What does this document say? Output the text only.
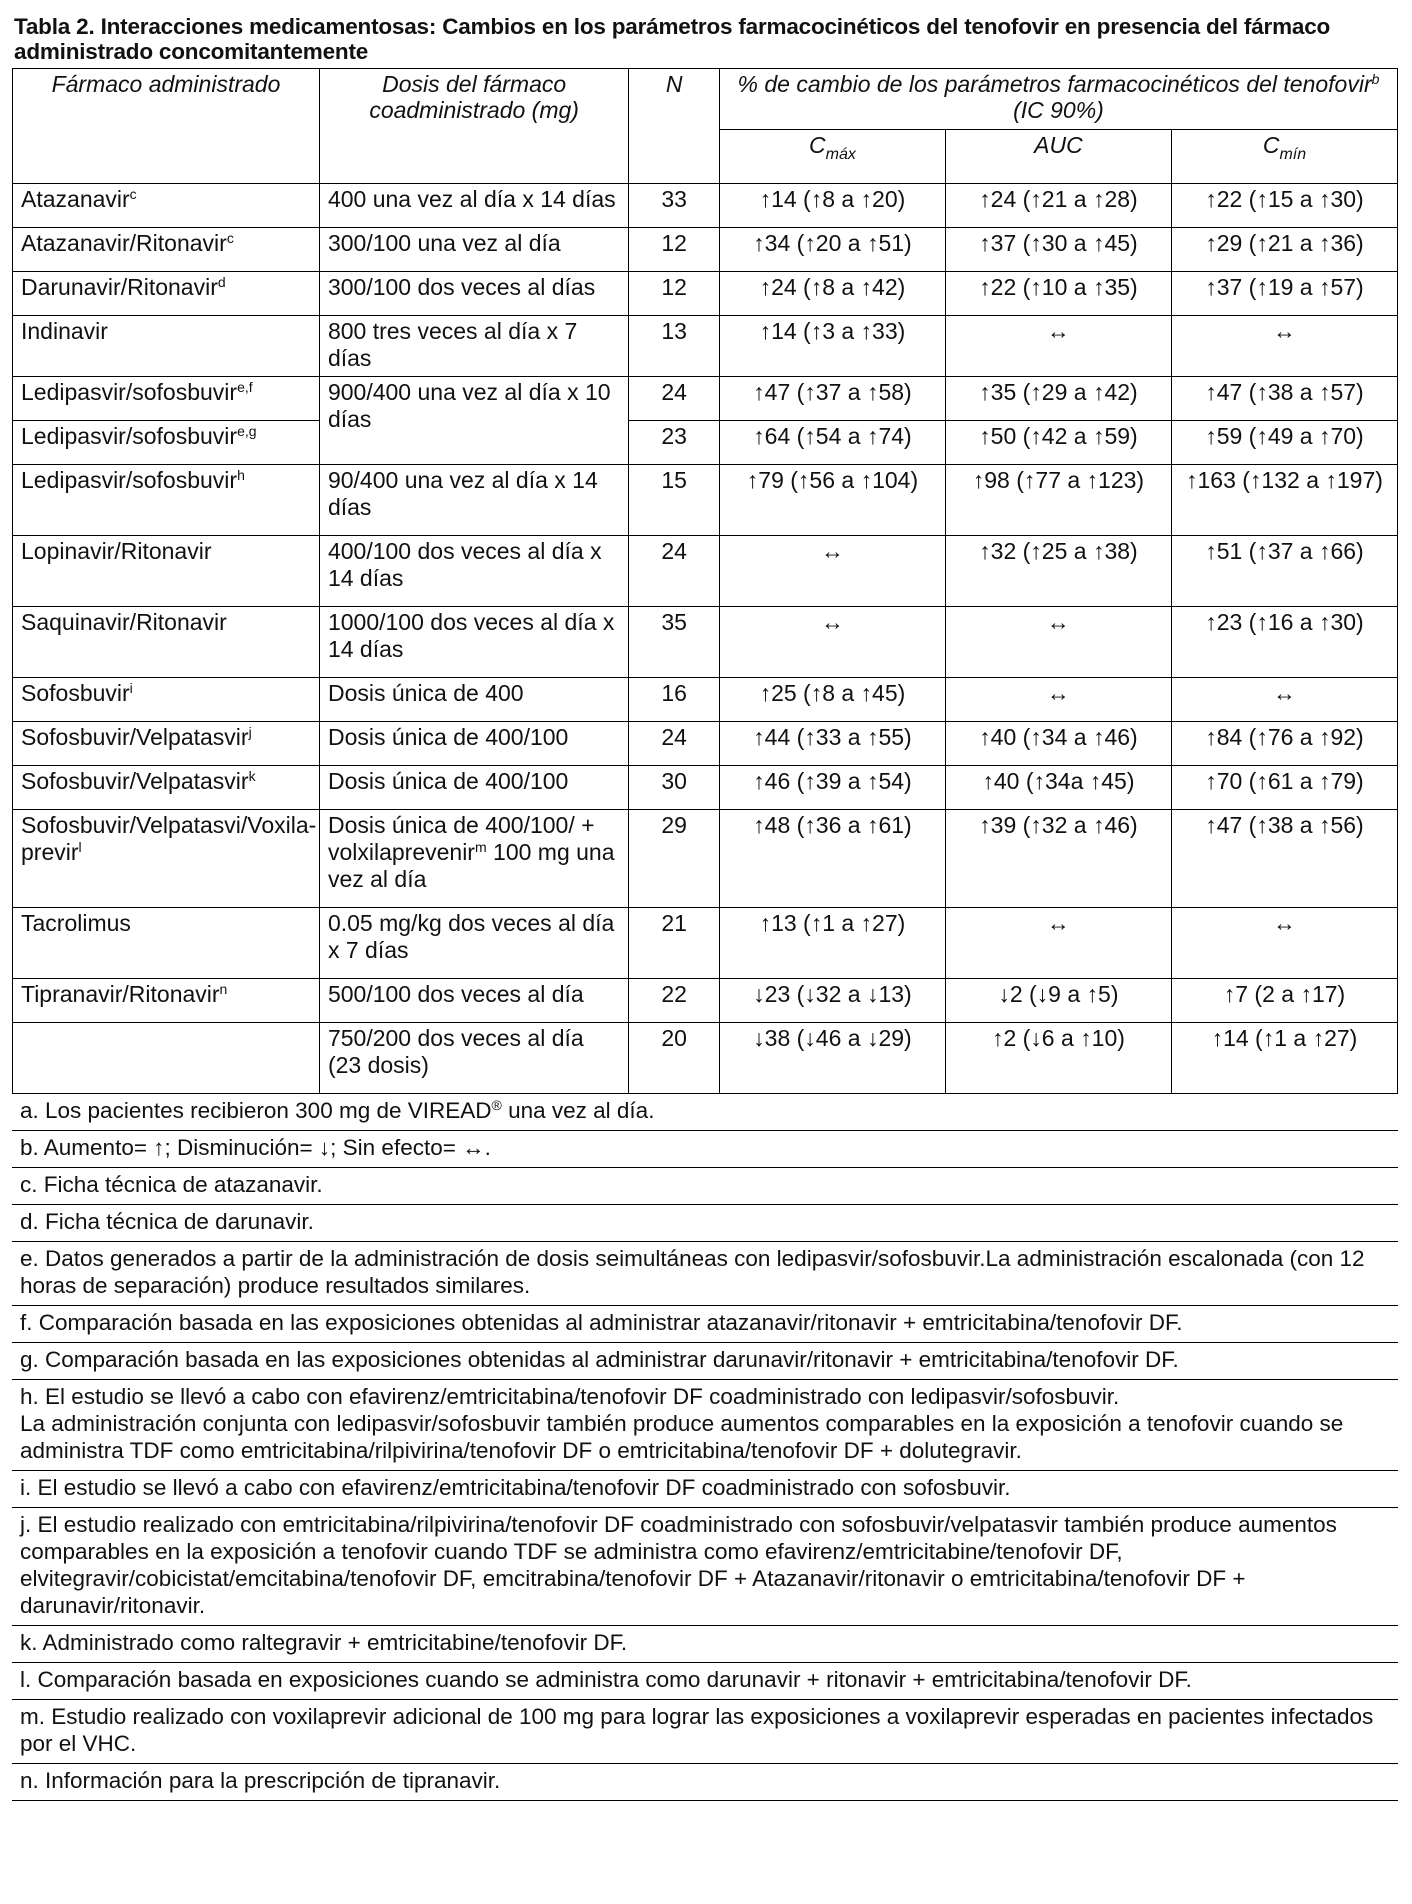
Tabla 2. Interacciones medicamentosas: Cambios en los parámetros farmacocinéticos del tenofovir en presencia del fármaco administrado concomitantemente
Fármaco administrado	Dosis del fármaco coadministrado (mg)	N	% de cambio de los parámetros farmacocinéticos del tenofovir$^b$
(IC 90%)		
			$C_{máx}$	AUC	$C_{mín}$
Atazanavir$^c$	400 una vez al día x 14 días	33	↑14 (↑8 a ↑20)	↑24 (↑21 a ↑28)	↑22 (↑15 a ↑30)
Atazanavir/Ritonavir$^c$	300/100 una vez al día	12	↑34 (↑20 a ↑51)	↑37 (↑30 a ↑45)	↑29 (↑21 a ↑36)
Darunavir/Ritonavir$^d$	300/100 dos veces al días	12	↑24 (↑8 a ↑42)	↑22 (↑10 a ↑35)	↑37 (↑19 a ↑57)
Indinavir	800 tres veces al día x 7 días	13	↑14 (↑3 a ↑33)	↔	↔
Ledipasvir/sofosbuvir$^{e,f}$	900/400 una vez al día x 10 días	24	↑47 (↑37 a ↑58)	↑35 (↑29 a ↑42)	↑47 (↑38 a ↑57)
Ledipasvir/sofosbuvir$^{e,g}$		23	↑64 (↑54 a ↑74)	↑50 (↑42 a ↑59)	↑59 (↑49 a ↑70)
Ledipasvir/sofosbuvir$^h$	90/400 una vez al día x 14 días	15	↑79 (↑56 a ↑104)	↑98 (↑77 a ↑123)	↑163 (↑132 a ↑197)
Lopinavir/Ritonavir	400/100 dos veces al día x 14 días	24	↔	↑32 (↑25 a ↑38)	↑51 (↑37 a ↑66)
Saquinavir/Ritonavir	1000/100 dos veces al día x 14 días	35	↔	↔	↑23 (↑16 a ↑30)
Sofosbuvir$^i$	Dosis única de 400	16	↑25 (↑8 a ↑45)	↔	↔
Sofosbuvir/Velpatasvir$^j$	Dosis única de 400/100	24	↑44 (↑33 a ↑55)	↑40 (↑34 a ↑46)	↑84 (↑76 a ↑92)
Sofosbuvir/Velpatasvir$^k$	Dosis única de 400/100	30	↑46 (↑39 a ↑54)	↑40 (↑34a ↑45)	↑70 (↑61 a ↑79)
Sofosbuvir/Velpatasvi/Voxila-previr$^l$	Dosis única de 400/100/ + volxilaprevenir$^m$ 100 mg una vez al día	29	↑48 (↑36 a ↑61)	↑39 (↑32 a ↑46)	↑47 (↑38 a ↑56)
Tacrolimus	0.05 mg/kg dos veces al día x 7 días	21	↑13 (↑1 a ↑27)	↔	↔
Tipranavir/Ritonavir$^n$	500/100 dos veces al día	22	↓23 (↓32 a ↓13)	↓2 (↓9 a ↑5)	↑7 (2 a ↑17)
	750/200 dos veces al día (23 dosis)	20	↓38 (↓46 a ↓29)	↑2 (↓6 a ↑10)	↑14 (↑1 a ↑27)
a. Los pacientes recibieron 300 mg de VIREAD® una vez al día.
b. Aumento= ↑; Disminución= ↓; Sin efecto= ↔.
c. Ficha técnica de atazanavir.
d. Ficha técnica de darunavir.
e. Datos generados a partir de la administración de dosis seimultáneas con ledipasvir/sofosbuvir.La administración escalonada (con 12 horas de separación) produce resultados similares.
f. Comparación basada en las exposiciones obtenidas al administrar atazanavir/ritonavir + emtricitabina/tenofovir DF.
g. Comparación basada en las exposiciones obtenidas al administrar darunavir/ritonavir + emtricitabina/tenofovir DF.

h. El estudio se llevó a cabo con efavirenz/emtricitabina/tenofovir DF coadministrado con ledipasvir/sofosbuvir.
La administración conjunta con ledipasvir/sofosbuvir también produce aumentos comparables en la exposición a tenofovir cuando se administra TDF como emtricitabina/rilpivirina/tenofovir DF o emtricitabina/tenofovir DF + dolutegravir.

i. El estudio se llevó a cabo con efavirenz/emtricitabina/tenofovir DF coadministrado con sofosbuvir.
j. El estudio realizado con emtricitabina/rilpivirina/tenofovir DF coadministrado con sofosbuvir/velpatasvir también produce aumentos comparables en la exposición a tenofovir cuando TDF se administra como efavirenz/emtricitabine/tenofovir DF, elvitegravir/cobicistat/emcitabina/tenofovir DF, emcitrabina/tenofovir DF + Atazanavir/ritonavir o emtricitabina/tenofovir DF + darunavir/ritonavir.
k. Administrado como raltegravir + emtricitabine/tenofovir DF.
l. Comparación basada en exposiciones cuando se administra como darunavir + ritonavir + emtricitabina/tenofovir DF.
m. Estudio realizado con voxilaprevir adicional de 100 mg para lograr las exposiciones a voxilaprevir esperadas en pacientes infectados por el VHC.
n. Información para la prescripción de tipranavir.
